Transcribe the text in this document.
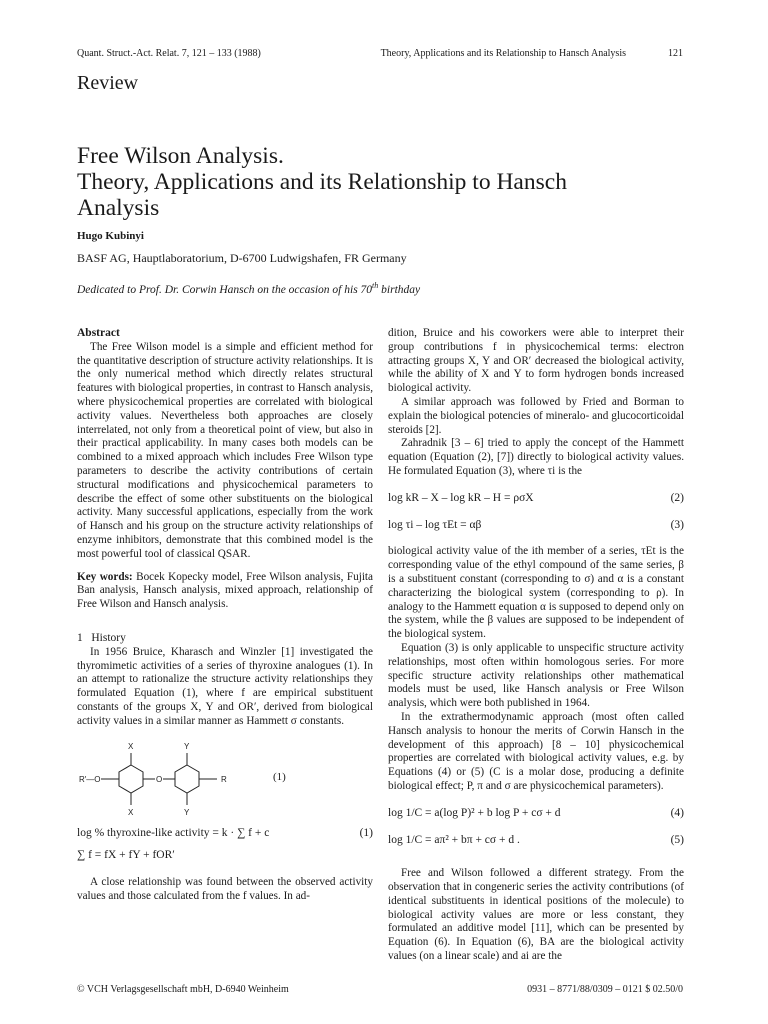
Quant. Struct.-Act. Relat. 7, 121 – 133 (1988)	Theory, Applications and its Relationship to Hansch Analysis	121
Review
Free Wilson Analysis.
Theory, Applications and its Relationship to Hansch
Analysis
Hugo Kubinyi
BASF AG, Hauptlaboratorium, D-6700 Ludwigshafen, FR Germany
Dedicated to Prof. Dr. Corwin Hansch on the occasion of his 70th birthday

Abstract

The Free Wilson model is a simple and efficient method for the quantitative description of structure activity relationships. It is the only numerical method which directly relates structural features with biological properties, in contrast to Hansch analysis, where physicochemical properties are correlated with biological activity values. Nevertheless both approaches are closely interrelated, not only from a theoretical point of view, but also in their practical applicability. In many cases both models can be combined to a mixed approach which includes Free Wilson type parameters to describe the activity contributions of certain structural modifications and physicochemical parameters to describe the effect of some other substituents on the biological activity. Many successful applications, especially from the work of Hansch and his group on the structure activity relationships of enzyme inhibitors, demonstrate that this combined model is the most powerful tool of classical QSAR.

Key words: Bocek Kopecky model, Free Wilson analysis, Fujita Ban analysis, Hansch analysis, mixed approach, relationship of Free Wilson and Hansch analysis.

1   History

In 1956 Bruice, Kharasch and Winzler [1] investigated the thyromimetic activities of a series of thyroxine analogues (1). In an attempt to rationalize the structure activity relationships they formulated Equation (1), where f are empirical substituent constants of the groups X, Y and OR′, derived from biological activity values in a similar manner as Hammett σ constants.

X	Y
X	Y
R′—O	O	R	(1)
log % thyroxine-like activity = k · ∑ f + c	(1)
∑ f = fX + fY + fOR′

A close relationship was found between the observed activity values and those calculated from the f values. In ad-

dition, Bruice and his coworkers were able to interpret their group contributions f in physicochemical terms: electron attracting groups X, Y and OR′ decreased the biological activity, while the ability of X and Y to form hydrogen bonds increased biological activity.

A similar approach was followed by Fried and Borman to explain the biological potencies of mineralo- and glucocorticoidal steroids [2].

Zahradnik [3 – 6] tried to apply the concept of the Hammett equation (Equation (2), [7]) directly to biological activity values. He formulated Equation (3), where τi is the

log kR – X – log kR – H = ρσX	(2)
log τi – log τEt = αβ	(3)

biological activity value of the ith member of a series, τEt is the corresponding value of the ethyl compound of the same series, β is a substituent constant (corresponding to σ) and α is a constant characterizing the biological system (corresponding to ρ). In analogy to the Hammett equation α is supposed to depend only on the system, while the β values are supposed to be independent of the biological system.

Equation (3) is only applicable to unspecific structure activity relationships, most often within homologous series. For more specific structure activity relationships other mathematical models must be used, like Hansch analysis or Free Wilson analysis, which were both published in 1964.

In the extrathermodynamic approach (most often called Hansch analysis to honour the merits of Corwin Hansch in the development of this approach) [8 – 10] physicochemical properties are correlated with biological activity values, e.g. by Equations (4) or (5) (C is a molar dose, producing a definite biological effect; P, π and σ are physicochemical parameters).

log 1/C = a(log P)² + b log P + cσ + d	(4)
log 1/C = aπ² + bπ + cσ + d .	(5)

Free and Wilson followed a different strategy. From the observation that in congeneric series the activity contributions (of identical substituents in identical positions of the molecule) to biological activity values are more or less constant, they formulated an additive model [11], which can be presented by Equation (6). In Equation (6), BA are the biological activity values (on a linear scale) and ai are the

© VCH Verlagsgesellschaft mbH, D-6940 Weinheim	0931 – 8771/88/0309 – 0121 $ 02.50/0
